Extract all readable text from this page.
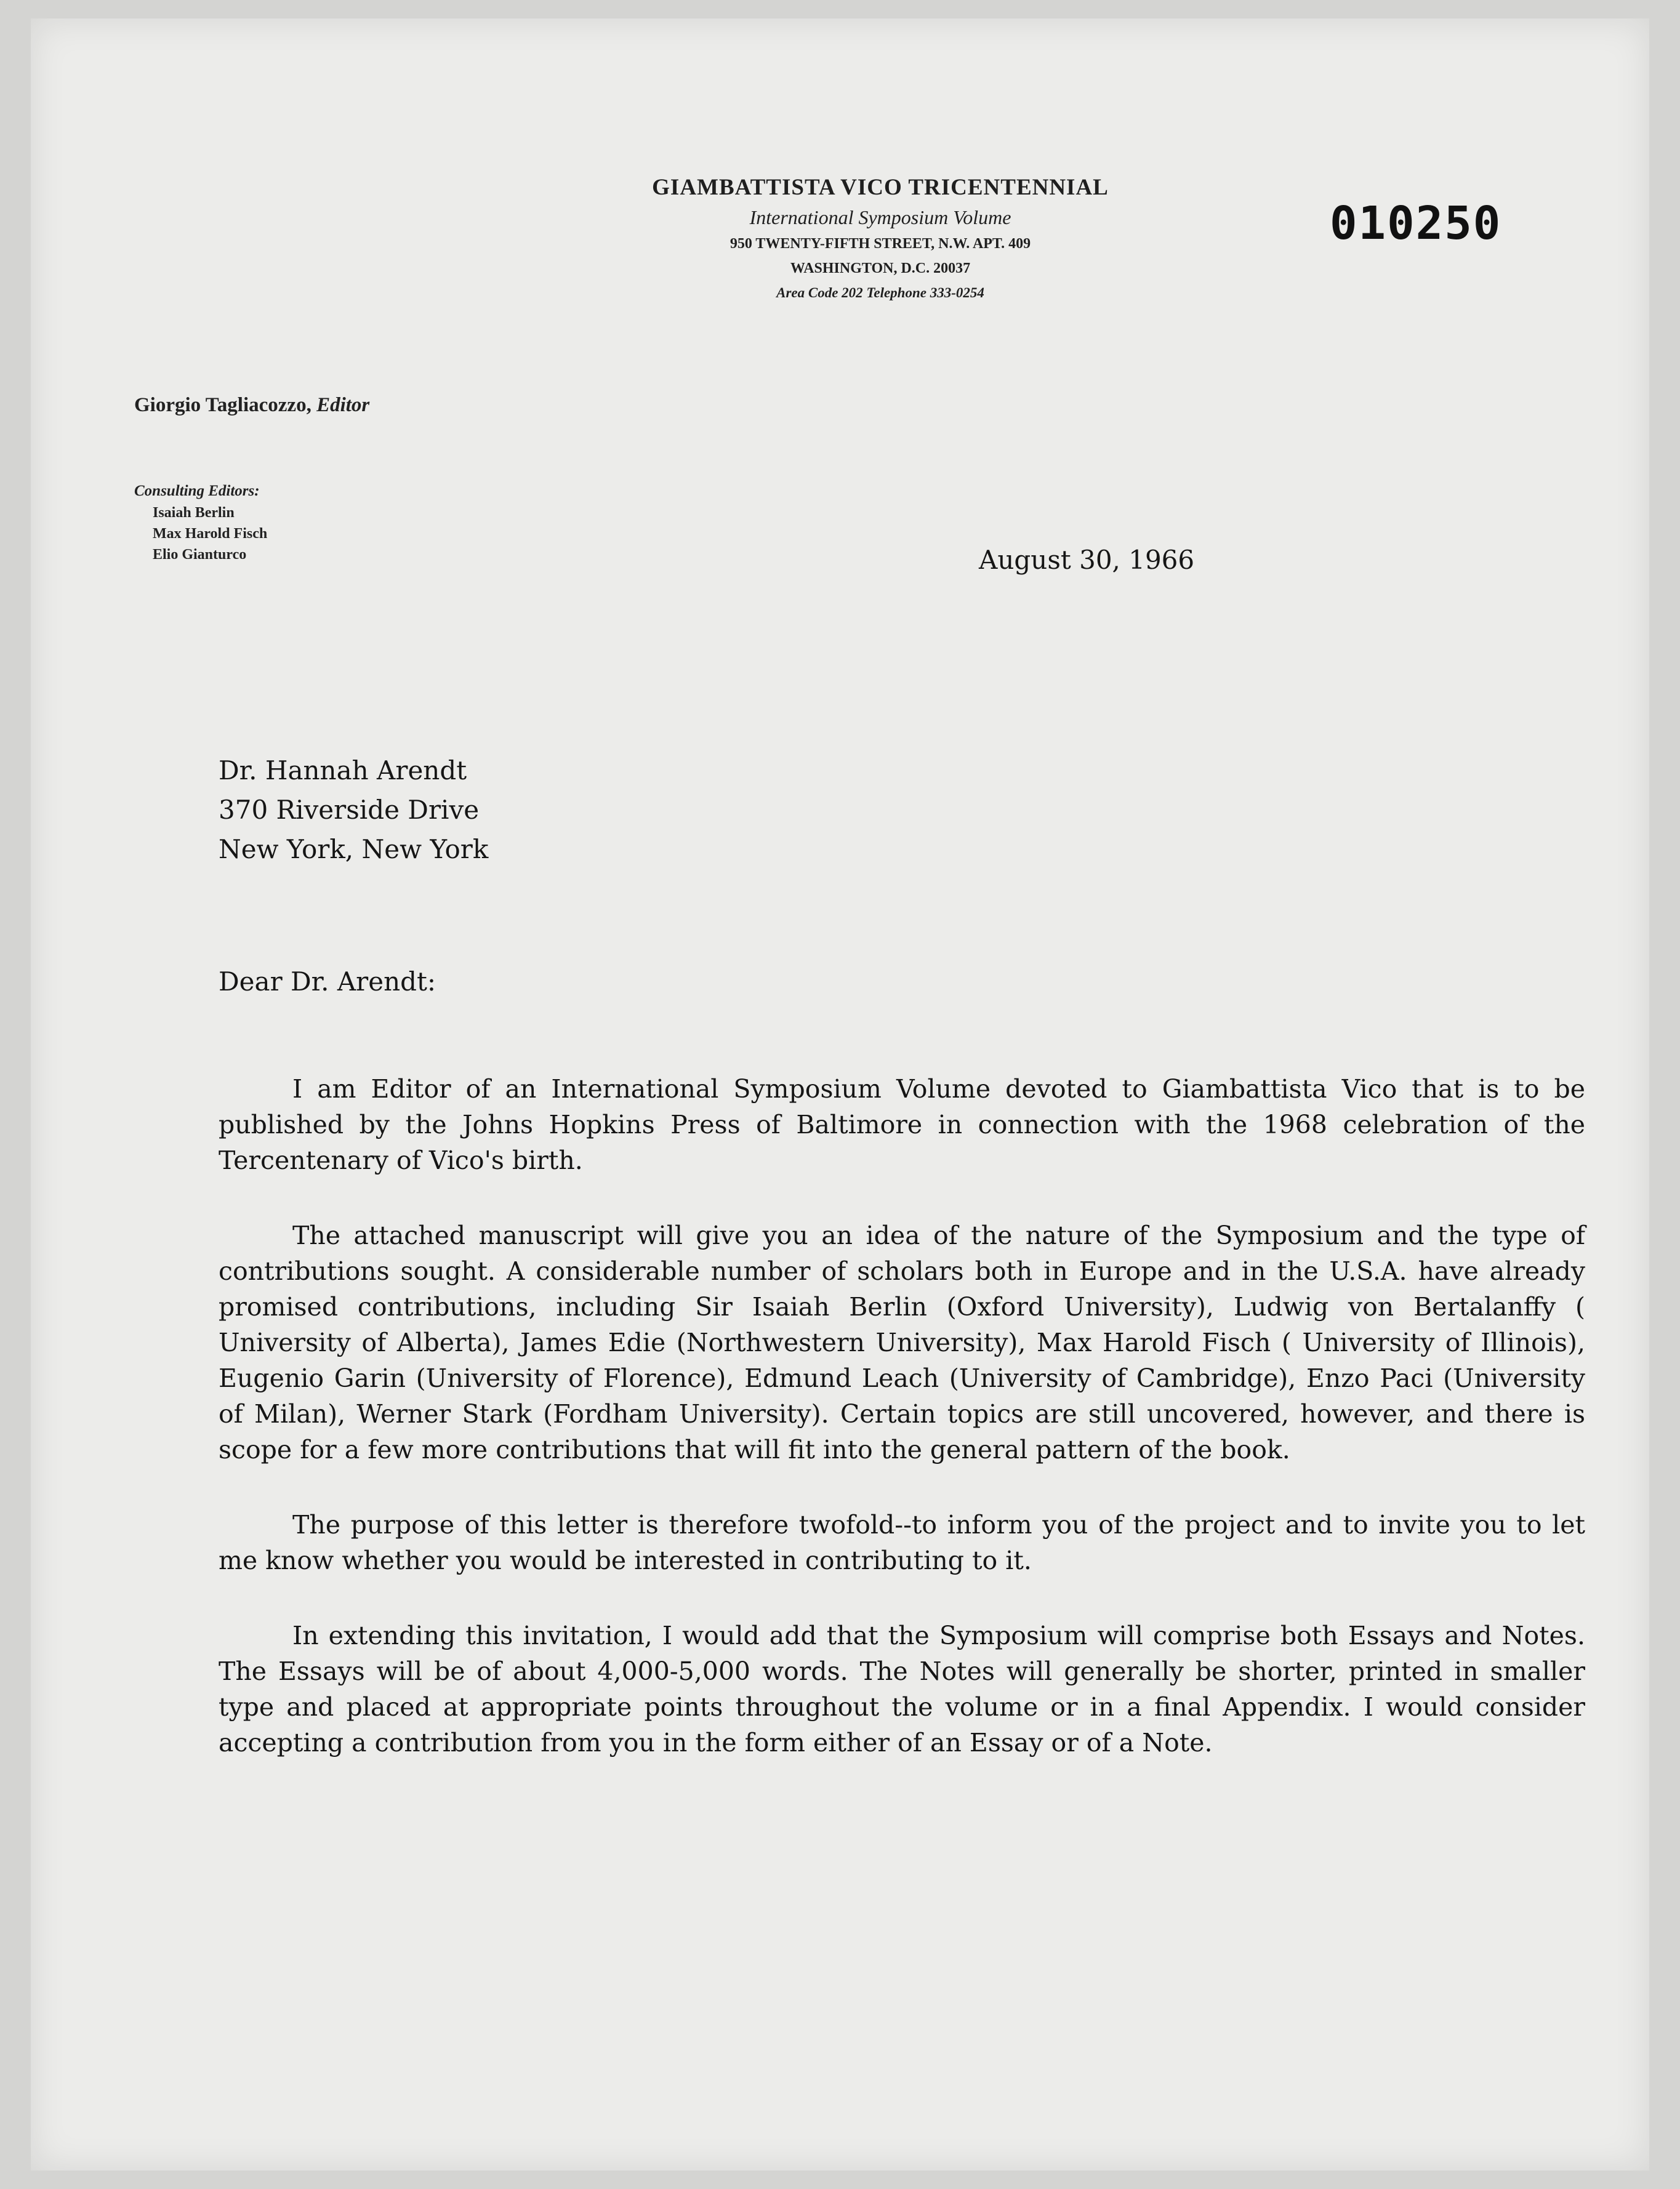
GIAMBATTISTA VICO TRICENTENNIAL
International Symposium Volume
950 TWENTY-FIFTH STREET, N.W. APT. 409
WASHINGTON, D.C. 20037
Area Code 202 Telephone 333-0254
010250
Giorgio Tagliacozzo, Editor
Consulting Editors:
Isaiah Berlin
Max Harold Fisch
Elio Gianturco	August 30, 1966
Dr. Hannah Arendt
370 Riverside Drive
New York, New York
Dear Dr. Arendt:

I am Editor of an International Symposium Volume devoted to Giambattista Vico that is to be published by the Johns Hopkins Press of Baltimore in connection with the 1968 celebration of the Tercentenary of Vico's birth.

The attached manuscript will give you an idea of the nature of the Symposium and the type of contributions sought. A considerable number of scholars both in Europe and in the U.S.A. have already promised contributions, including Sir Isaiah Berlin (Oxford University), Ludwig von Bertalanffy ( University of Alberta), James Edie (Northwestern University), Max Harold Fisch ( University of Illinois), Eugenio Garin (University of Florence), Edmund Leach (University of Cambridge), Enzo Paci (University of Milan), Werner Stark (Fordham University). Certain topics are still uncovered, however, and there is scope for a few more contributions that will fit into the general pattern of the book.

The purpose of this letter is therefore twofold--to inform you of the project and to invite you to let me know whether you would be interested in contributing to it.

In extending this invitation, I would add that the Symposium will comprise both Essays and Notes. The Essays will be of about 4,000-5,000 words. The Notes will generally be shorter, printed in smaller type and placed at appropriate points throughout the volume or in a final Appendix. I would consider accepting a contribution from you in the form either of an Essay or of a Note.
